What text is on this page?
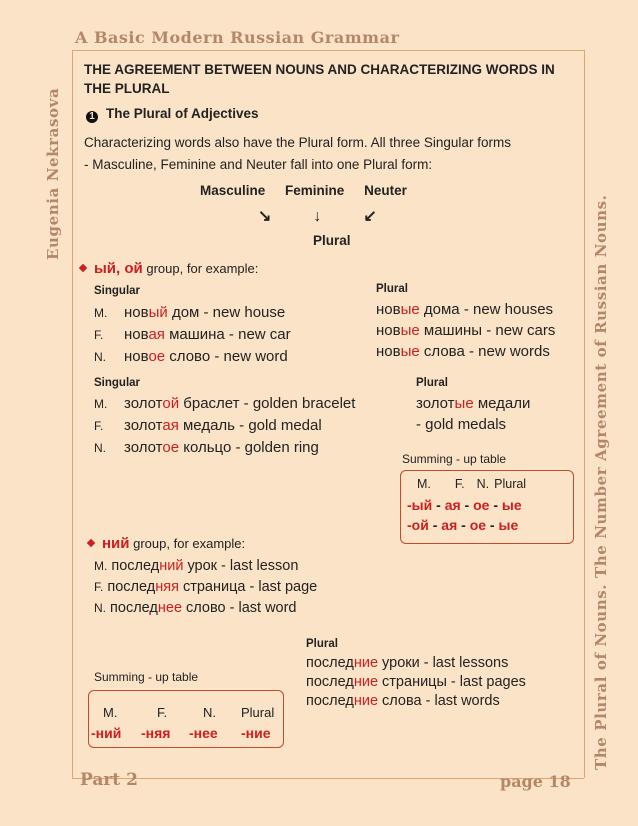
A Basic Modern Russian Grammar
Eugenia Nekrasova
The Plural of Nouns. The Number Agreement of Russian Nouns.
Part 2	page 18
THE AGREEMENT BETWEEN NOUNS AND CHARACTERIZING WORDS IN THE PLURAL
1 The Plural of Adjectives
Characterizing words also have the Plural form. All three Singular forms
- Masculine, Feminine and Neuter fall into one Plural form:
Masculine Feminine Neuter
↘	↓	↙
Plural
ый, ой group, for example:
Singular
M. новый дом - new house
F. новая машина - new car
N. новое слово - new word
Plural
новые дома - new houses
новые машины - new cars
новые слова - new words
Singular
M. золотой браслет - golden bracelet
F. золотая медаль - gold medal
N. золотое кольцо - golden ring
Plural
золотые медали
- gold medals
Summing - up table
M. F. N. Plural
-ый - ая - ое - ые
-ой - ая - ое - ые
ний group, for example:
M. последний урок - last lesson
F. последняя страница - last page
N. последнее слово - last word
Plural
последние уроки - last lessons
последние страницы - last pages
последние слова - last words
Summing - up table
M.	F.	N. Plural
-ний -няя -нее -ние
